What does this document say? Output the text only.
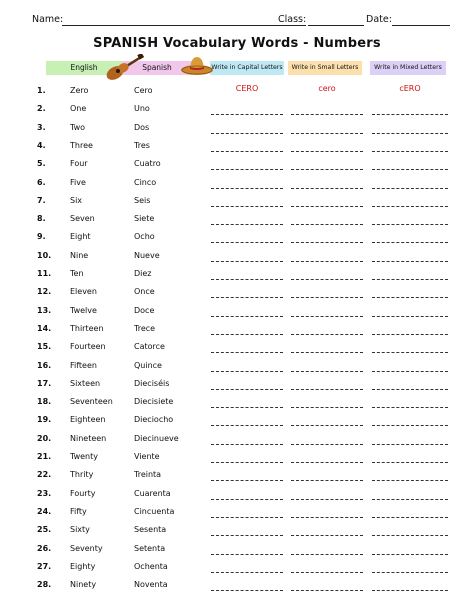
Name:	Class:	Date:
SPANISH Vocabulary Words - Numbers
English	Spanish	Write in Capital Letters	Write in Small Letters	Write in Mixed Letters
CERO	cero	cERO
1.	Zero	Cero
2.	One	Uno
3.	Two	Dos
4.	Three	Tres
5.	Four	Cuatro
6.	Five	Cinco
7.	Six	Seis
8.	Seven	Siete
9.	Eight	Ocho
10. Nine	Nueve
11. Ten	Diez
12. Eleven	Once
13. Twelve	Doce
14. Thirteen	Trece
15. Fourteen	Catorce
16. Fifteen	Quince
17. Sixteen	Dieciséis
18. Seventeen	Diecisiete
19. Eighteen	Dieciocho
20. Nineteen	Diecinueve
21. Twenty	Viente
22. Thrity	Treinta
23. Fourty	Cuarenta
24. Fifty	Cincuenta
25. Sixty	Sesenta
26. Seventy	Setenta
27. Eighty	Ochenta
28. Ninety	Noventa
